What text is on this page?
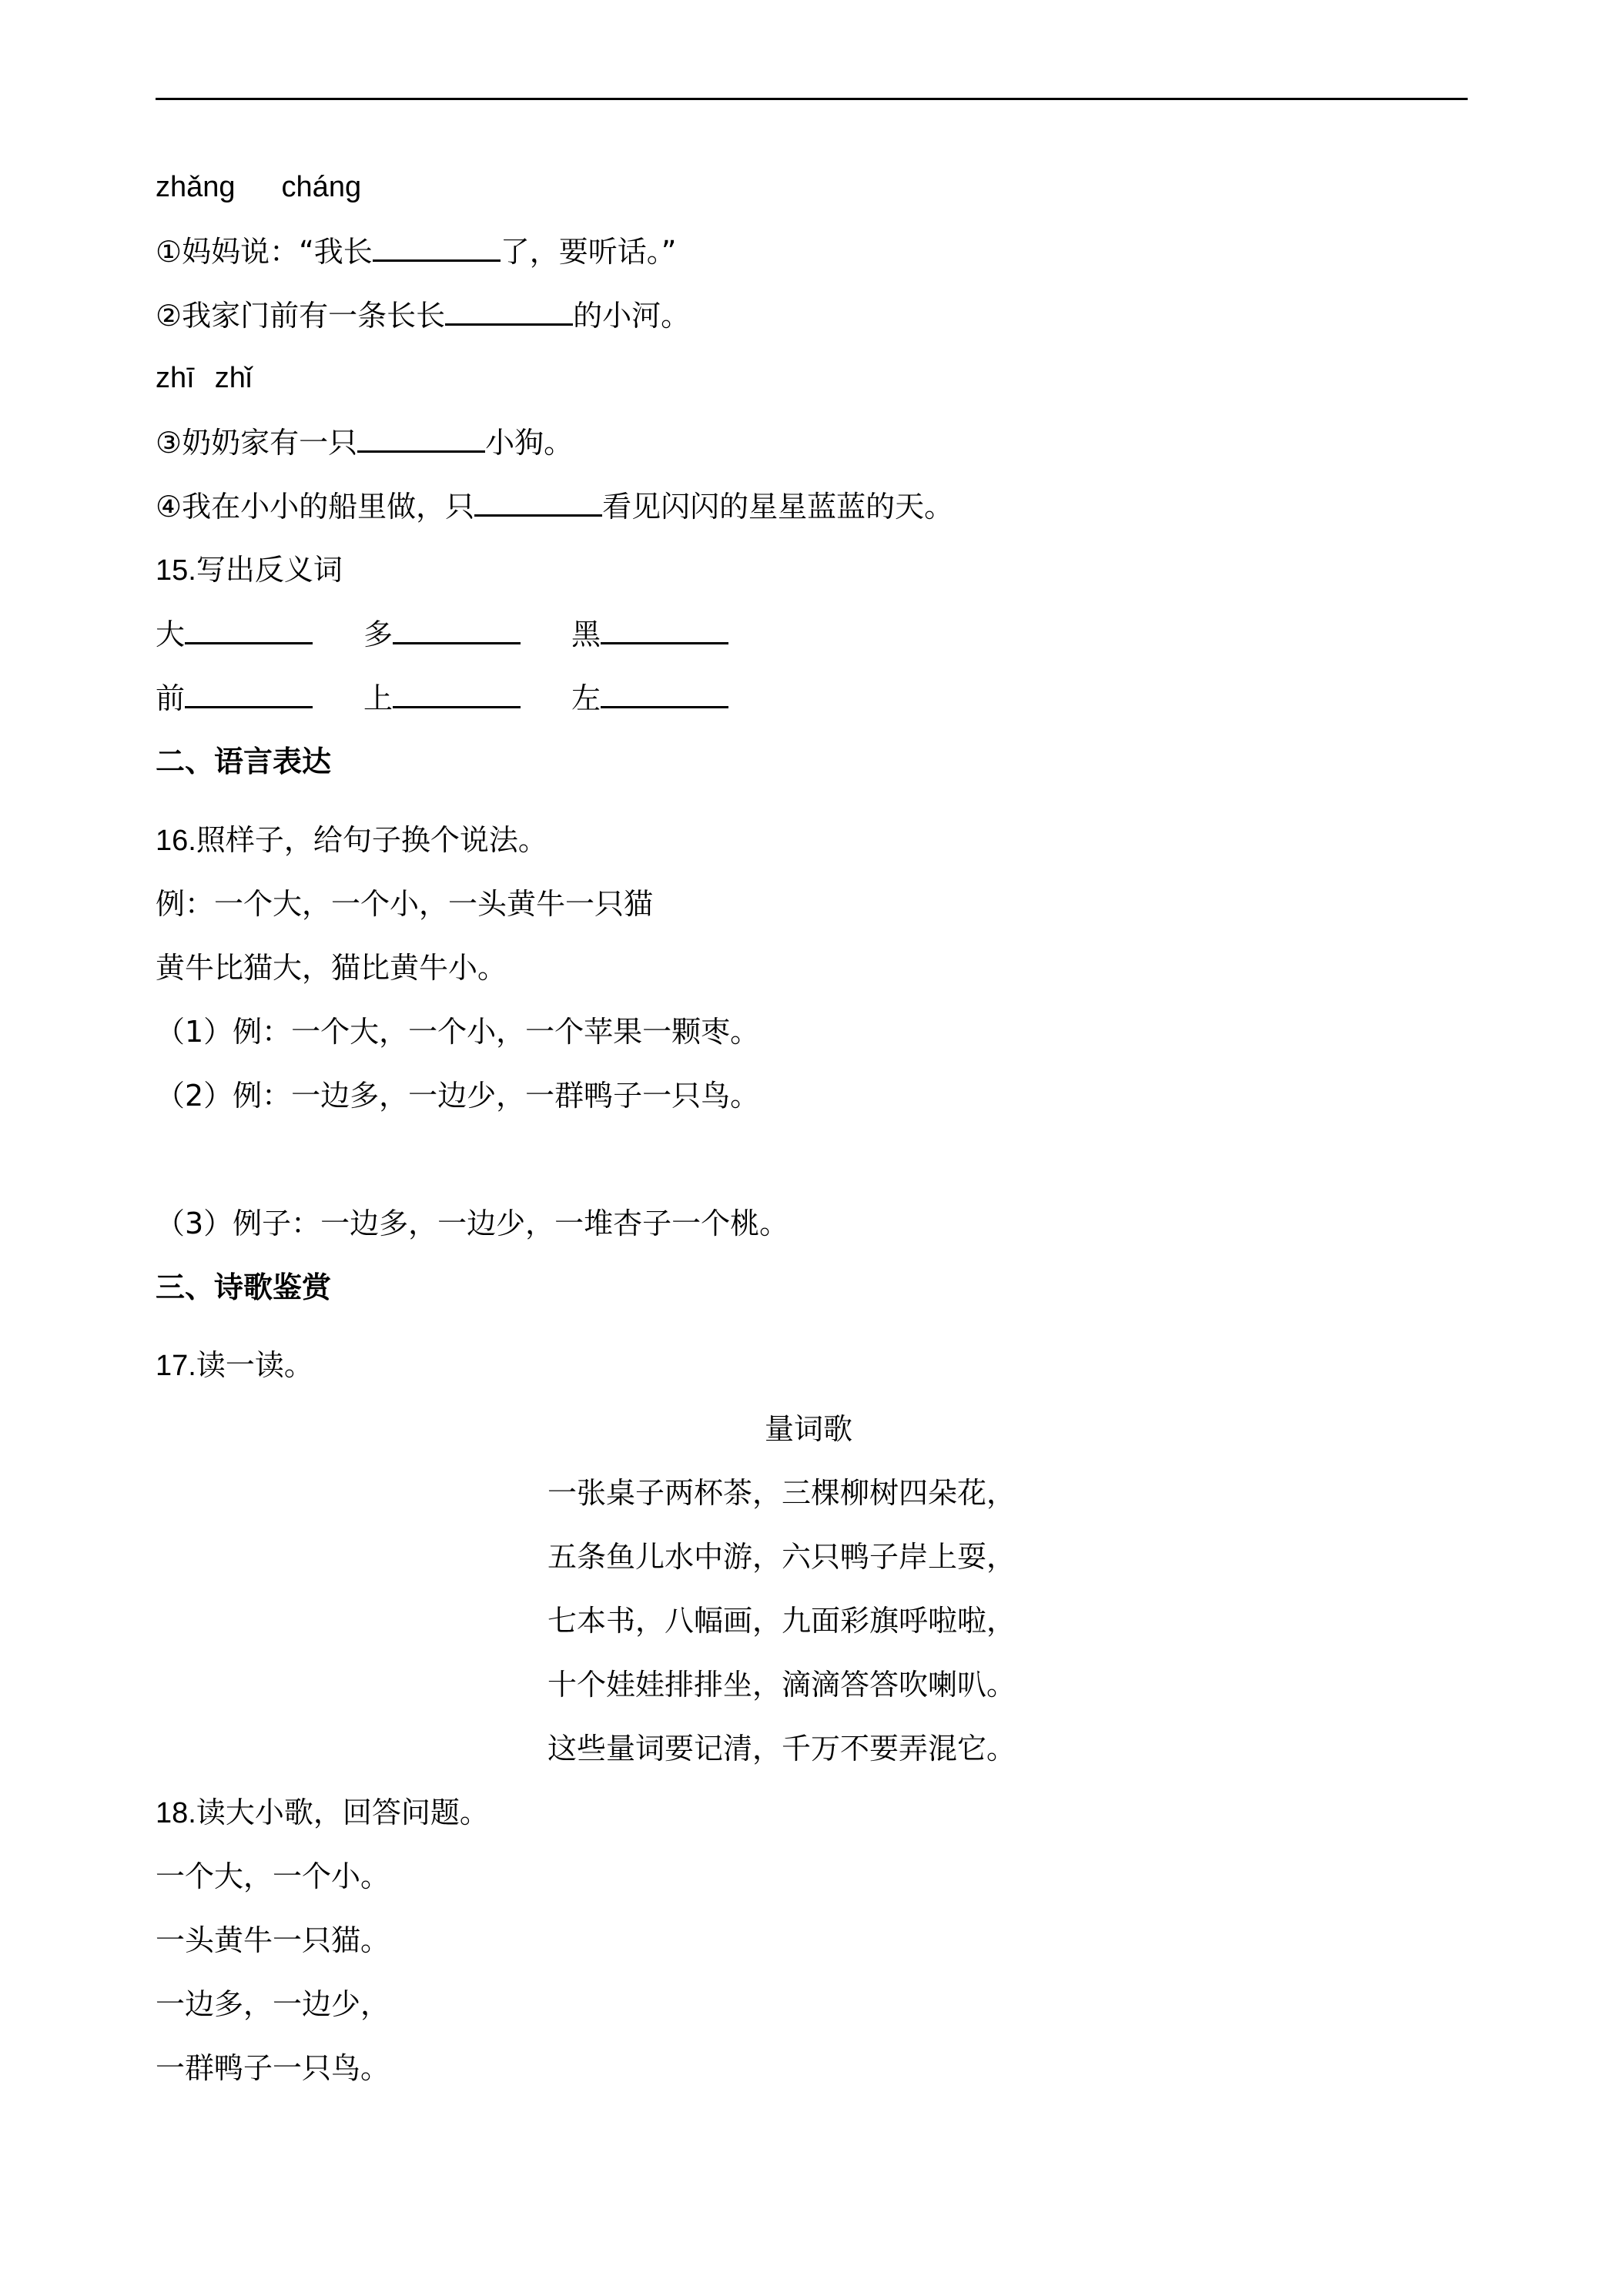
zhǎng cháng
①妈妈说：“我长	了，要听话。”
②我家门前有一条长长	的小河。
zhī zhǐ
③奶奶家有一只	小狗。
④我在小小的船里做，只	看见闪闪的星星蓝蓝的天。
15.写出反义词
大	多	黑
前	上	左
二、语言表达
16.照样子，给句子换个说法。
例：一个大，一个小，一头黄牛一只猫
黄牛比猫大，猫比黄牛小。
（1）例：一个大，一个小，一个苹果一颗枣。
（2）例：一边多，一边少，一群鸭子一只鸟。
（3）例子：一边多，一边少，一堆杏子一个桃。
三、诗歌鉴赏
17.读一读。
量词歌
一张桌子两杯茶，三棵柳树四朵花，
五条鱼儿水中游，六只鸭子岸上耍，
七本书，八幅画，九面彩旗呼啦啦，
十个娃娃排排坐，滴滴答答吹喇叭。
这些量词要记清，千万不要弄混它。
18.读大小歌，回答问题。
一个大，一个小。
一头黄牛一只猫。
一边多，一边少，
一群鸭子一只鸟。
